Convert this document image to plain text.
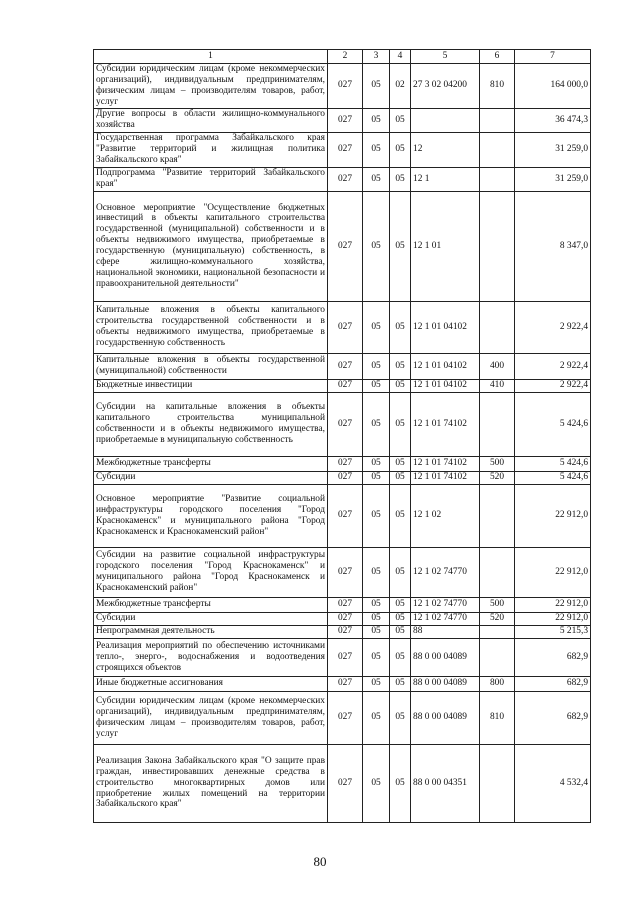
1	2	3	4	5	6	7
Субсидии юридическим лицам (кроме некоммерческих организаций), индивидуальным предпринимателям, физическим лицам – производителям товаров, работ, услуг	027	05	02	27 3 02 04200	810	164 000,0
Другие вопросы в области жилищно-коммунального хозяйства	027	05	05			36 474,3
Государственная программа Забайкальского края "Развитие территорий и жилищная политика Забайкальского края"	027	05	05	12		31 259,0
Подпрограмма "Развитие территорий Забайкальского края"	027	05	05	12 1		31 259,0
Основное мероприятие "Осуществление бюджетных инвестиций в объекты капитального строительства государственной (муниципальной) собственности и в объекты недвижимого имущества, приобретаемые в государственную (муниципальную) собственность, в сфере жилищно-коммунального хозяйства, национальной экономики, национальной безопасности и правоохранительной деятельности"	027	05	05	12 1 01		8 347,0
Капитальные вложения в объекты капитального строительства государственной собственности и в объекты недвижимого имущества, приобретаемые в государственную собственность	027	05	05	12 1 01 04102		2 922,4
Капитальные вложения в объекты государственной (муниципальной) собственности	027	05	05	12 1 01 04102	400	2 922,4
Бюджетные инвестиции	027	05	05	12 1 01 04102	410	2 922,4
Субсидии на капитальные вложения в объекты капитального строительства муниципальной собственности и в объекты недвижимого имущества, приобретаемые в муниципальную собственность	027	05	05	12 1 01 74102		5 424,6
Межбюджетные трансферты	027	05	05	12 1 01 74102	500	5 424,6
Субсидии	027	05	05	12 1 01 74102	520	5 424,6
Основное мероприятие "Развитие социальной инфраструктуры городского поселения "Город Краснокаменск" и муниципального района "Город Краснокаменск и Краснокаменский район"	027	05	05	12 1 02		22 912,0
Субсидии на развитие социальной инфраструктуры городского поселения "Город Краснокаменск" и муниципального района "Город Краснокаменск и Краснокаменский район"	027	05	05	12 1 02 74770		22 912,0
Межбюджетные трансферты	027	05	05	12 1 02 74770	500	22 912,0
Субсидии	027	05	05	12 1 02 74770	520	22 912,0
Непрограммная деятельность	027	05	05	88		5 215,3
Реализация мероприятий по обеспечению источниками тепло-, энерго-, водоснабжения и водоотведения строящихся объектов	027	05	05	88 0 00 04089		682,9
Иные бюджетные ассигнования	027	05	05	88 0 00 04089	800	682,9
Субсидии юридическим лицам (кроме некоммерческих организаций), индивидуальным предпринимателям, физическим лицам – производителям товаров, работ, услуг	027	05	05	88 0 00 04089	810	682,9
Реализация Закона Забайкальского края "О защите прав граждан, инвестировавших денежные средства в строительство многоквартирных домов или приобретение жилых помещений на территории Забайкальского края"	027	05	05	88 0 00 04351		4 532,4
80
